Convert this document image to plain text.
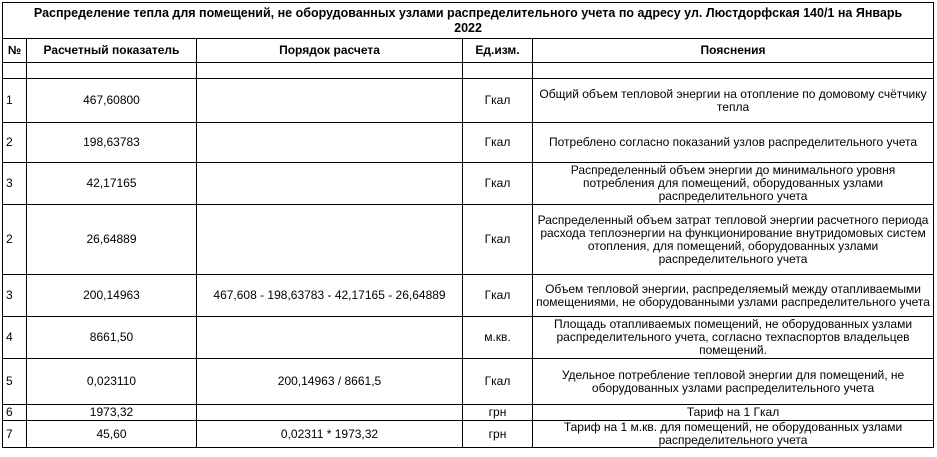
Распределение тепла для помещений, не оборудованных узлами распределительного учета по адресу ул. Люстдорфская 140/1 на Январь 2022				
№	Расчетный показатель	Порядок расчета	Ед.изм.	Пояснения

1	467,60800		Гкал	Общий объем тепловой энергии на отопление по домовому счётчику тепла
2	198,63783		Гкал	Потреблено согласно показаний узлов распределительного учета
3	42,17165		Гкал	Распределенный объем энергии до минимального уровня потребления для помещений, оборудованных узлами распределительного учета
2	26,64889		Гкал	Распределенный объем затрат тепловой энергии расчетного периода расхода теплоэнергии на функционирование внутридомовых систем отопления, для помещений, оборудованных узлами распределительного учета
3	200,14963	467,608 - 198,63783 - 42,17165 - 26,64889	Гкал	Объем тепловой энергии, распределяемый между отапливаемыми помещениями, не оборудованными узлами распределительного учета
4	8661,50		м.кв.	Площадь отапливаемых помещений, не оборудованных узлами распределительного учета, согласно техпаспортов владельцев помещений.
5	0,023110	200,14963 / 8661,5	Гкал	Удельное потребление тепловой энергии для помещений, не оборудованных узлами распределительного учета
6	1973,32		грн	Тариф на 1 Гкал
7	45,60	0,02311 * 1973,32	грн	Тариф на 1 м.кв. для помещений, не оборудованных узлами распределительного учета
